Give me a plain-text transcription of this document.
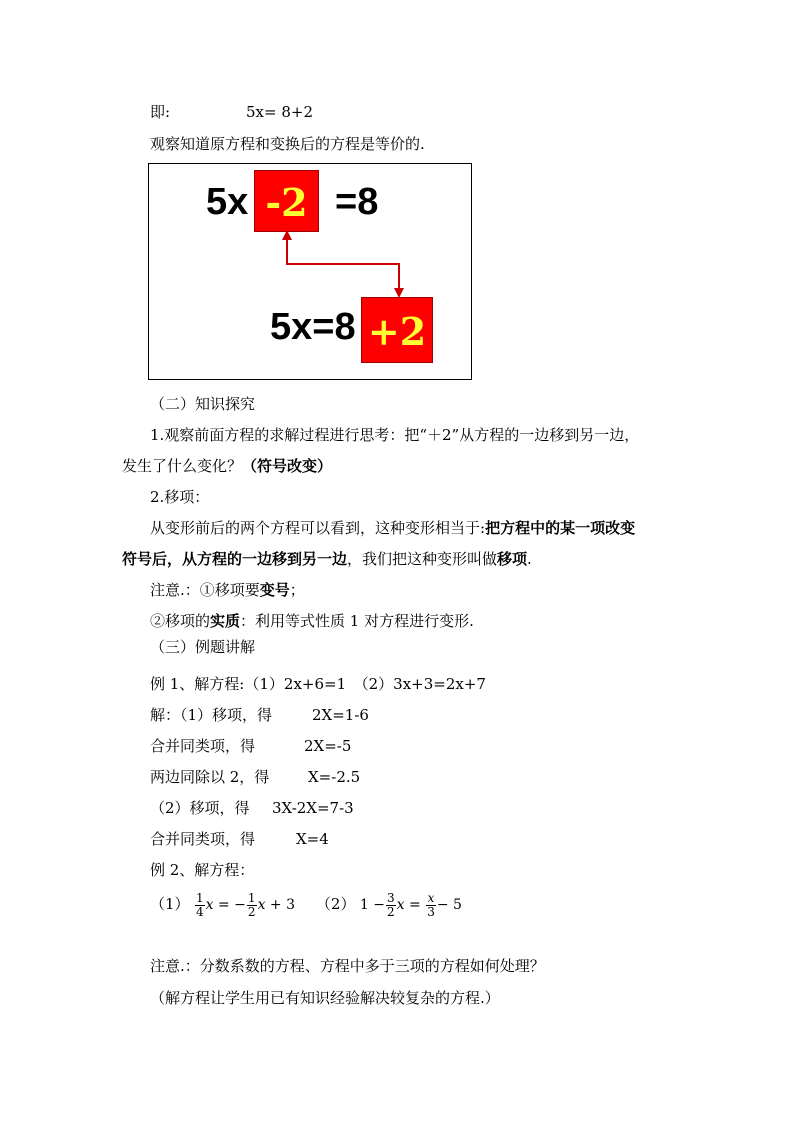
即:	5x= 8+2
观察知道原方程和变换后的方程是等价的.
5x -2 =8
5x=8 +2
（二）知识探究
1.观察前面方程的求解过程进行思考：把“＋2”从方程的一边移到另一边，
发生了什么变化？（符号改变）
2.移项：
从变形前后的两个方程可以看到，这种变形相当于:把方程中的某一项改变
符号后，从方程的一边移到另一边，我们把这种变形叫做移项.
注意.：①移项要变号；
②移项的实质：利用等式性质 1 对方程进行变形.
（三）例题讲解
例 1、解方程:（1）2x+6=1　（2）3x+3=2x+7
解：（1）移项，得	2X=1-6
合并同类项，得	2X=-5
两边同除以 2，得	X=-2.5
（2）移项，得 3X-2X=7-3
合并同类项，得	X=4
例 2、解方程：
$(1) \frac{1}{4}$ x = − $\frac{1}{2}$ x + 3 （2） $1 - \frac{3}{2}$ $x = \frac{x}{3} - 5$
注意.：分数系数的方程、方程中多于三项的方程如何处理？
（解方程让学生用已有知识经验解决较复杂的方程.）
